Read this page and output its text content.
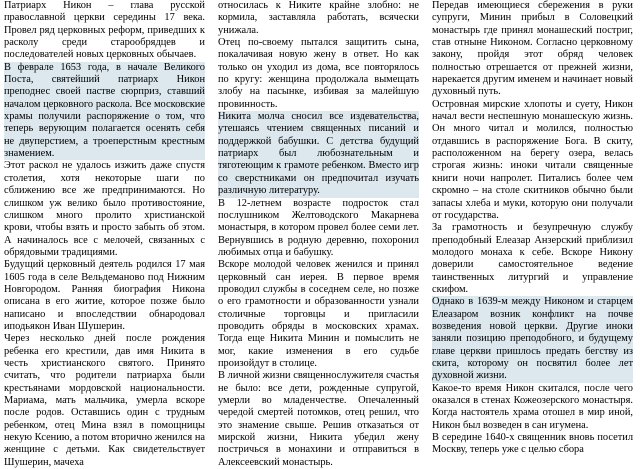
Патриарх Никон – глава русской православной церкви середины 17 века. Провел ряд церковных реформ, приведших к расколу среди старообрядцев и последователей новых церковных обычаев.

В феврале 1653 года, в начале Великого Поста, святейший патриарх Никон преподнес своей пастве сюрприз, ставший началом церковного раскола. Все московские храмы получили распоряжение о том, что теперь верующим полагается осенять себя не двуперстием, а троеперстным крестным знамением.

Этот раскол не удалось изжить даже спустя столетия, хотя некоторые шаги по сближению все же предпринимаются. Но слишком уж велико было противостояние, слишком много пролито христианской крови, чтобы взять и просто забыть об этом. А начиналось все с мелочей, связанных с обрядовыми традициями.

Будущий церковный деятель родился 17 мая 1605 года в селе Вельдеманово под Нижним Новгородом. Ранняя биография Никона описана в его житие, которое позже было написано и впоследствии обнародовал иподьякон Иван Шушерин.

Через несколько дней после рождения ребенка его крестили, дав имя Никита в честь христианского святого. Принято считать, что родители патриарха были крестьянами мордовской национальности. Мариама, мать мальчика, умерла вскоре после родов. Оставшись один с трудным ребенком, отец Мина взял в помощницы некую Ксению, а потом вторично женился на женщине с детьми. Как свидетельствует Шушерин, мачеха

относилась к Никите крайне злобно: не кормила, заставляла работать, всячески унижала.

Отец по-своему пытался защитить сына, покалачивая новую жену в ответ. Но как только он уходил из дома, все повторялось по кругу: женщина продолжала вымещать злобу на пасынке, избивая за малейшую провинность.

Никита молча сносил все издевательства, утешаясь чтением священных писаний и поддержкой бабушки. С детства будущий патриарх был любознательным и тяготеющим к грамоте ребенком. Вместо игр со сверстниками он предпочитал изучать различную литературу.

В 12-летнем возрасте подросток стал послушником Желтоводского Макарнева монастыря, в котором провел более семи лет. Вернувшись в родную деревню, похоронил любимых отца и бабушку.

Вскоре молодой человек женился и принял церковный сан иерея. В первое время проводил службы в соседнем селе, но позже о его грамотности и образованности узнали столичные торговцы и пригласили проводить обряды в московских храмах. Тогда еще Никита Минин и помыслить не мог, какие изменения в его судьбе произойдут в столице.

В личной жизни священнослужителя счастья не было: все дети, рожденные супругой, умерли во младенчестве. Опечаленный чередой смертей потомков, отец решил, что это знамение свыше. Решив отказаться от мирской жизни, Никита убедил жену постричься в монахини и отправиться в Алексеевский монастырь.

Передав имеющиеся сбережения в руки супруги, Минин прибыл в Соловецкий монастырь где принял монашеский постриг, став отныне Никоном. Согласно церковному закону, пройдя этот обряд человек полностью отрешается от прежней жизни, нарекается другим именем и начинает новый духовный путь.

Островная мирские хлопоты и суету, Никон начал вести неспешную монашескую жизнь. Он много читал и молился, полностью отдавшись в распоряжение Бога. В скиту, расположенном на берегу озера, велась строгая жизнь: иноки читали священные книги ночи напролет. Питались более чем скромно – на столе скитников обычно были запасы хлеба и муки, которую они получали от государства.

За грамотность и безупречную службу преподобный Елеазар Анзерский приблизил молодого монаха к себе. Вскоре Никону доверили самостоятельное ведение таинственных литургий и управление скифом.

Однако в 1639-м между Никоном и старцем Елеазаром возник конфликт на почве возведения новой церкви. Другие иноки заняли позицию преподобного, и будущему главе церкви пришлось предать бегству из скита, которому он посвятил более лет духовной жизни.

Какое-то время Никон скитался, после чего оказался в стенах Кожеозерского монастыря. Когда настоятель храма отошел в мир иной, Никон был возведен в сан игумена.

В середине 1640-х священник вновь посетил Москву, теперь уже с целью сбора
